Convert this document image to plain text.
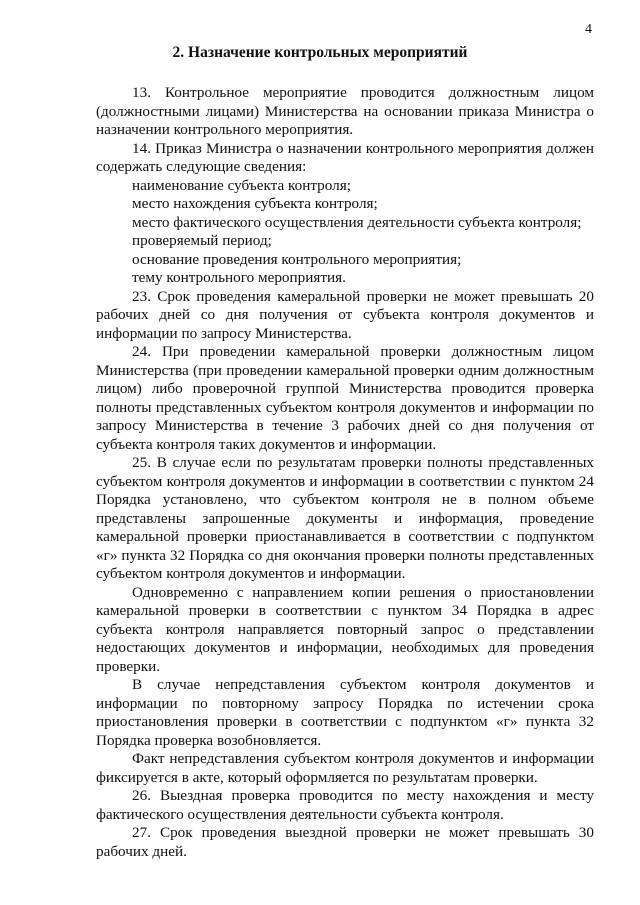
4
2. Назначение контрольных мероприятий

13. Контрольное мероприятие проводится должностным лицом (должностными лицами) Министерства на основании приказа Министра о назначении контрольного мероприятия.

14. Приказ Министра о назначении контрольного мероприятия должен содержать следующие сведения:

наименование субъекта контроля;

место нахождения субъекта контроля;

место фактического осуществления деятельности субъекта контроля;

проверяемый период;

основание проведения контрольного мероприятия;

тему контрольного мероприятия.

23. Срок проведения камеральной проверки не может превышать 20 рабочих дней со дня получения от субъекта контроля документов и информации по запросу Министерства.

24. При проведении камеральной проверки должностным лицом Министерства (при проведении камеральной проверки одним должностным лицом) либо проверочной группой Министерства проводится проверка полноты представленных субъектом контроля документов и информации по запросу Министерства в течение 3 рабочих дней со дня получения от субъекта контроля таких документов и информации.

25. В случае если по результатам проверки полноты представленных субъектом контроля документов и информации в соответствии с пунктом 24 Порядка установлено, что субъектом контроля не в полном объеме представлены запрошенные документы и информация, проведение камеральной проверки приостанавливается в соответствии с подпунктом «г» пункта 32 Порядка со дня окончания проверки полноты представленных субъектом контроля документов и информации.

Одновременно с направлением копии решения о приостановлении камеральной проверки в соответствии с пунктом 34 Порядка в адрес субъекта контроля направляется повторный запрос о представлении недостающих документов и информации, необходимых для проведения проверки.

В случае непредставления субъектом контроля документов и информации по повторному запросу Порядка по истечении срока приостановления проверки в соответствии с подпунктом «г» пункта 32 Порядка проверка возобновляется.

Факт непредставления субъектом контроля документов и информации фиксируется в акте, который оформляется по результатам проверки.

26. Выездная проверка проводится по месту нахождения и месту фактического осуществления деятельности субъекта контроля.

27. Срок проведения выездной проверки не может превышать 30 рабочих дней.
